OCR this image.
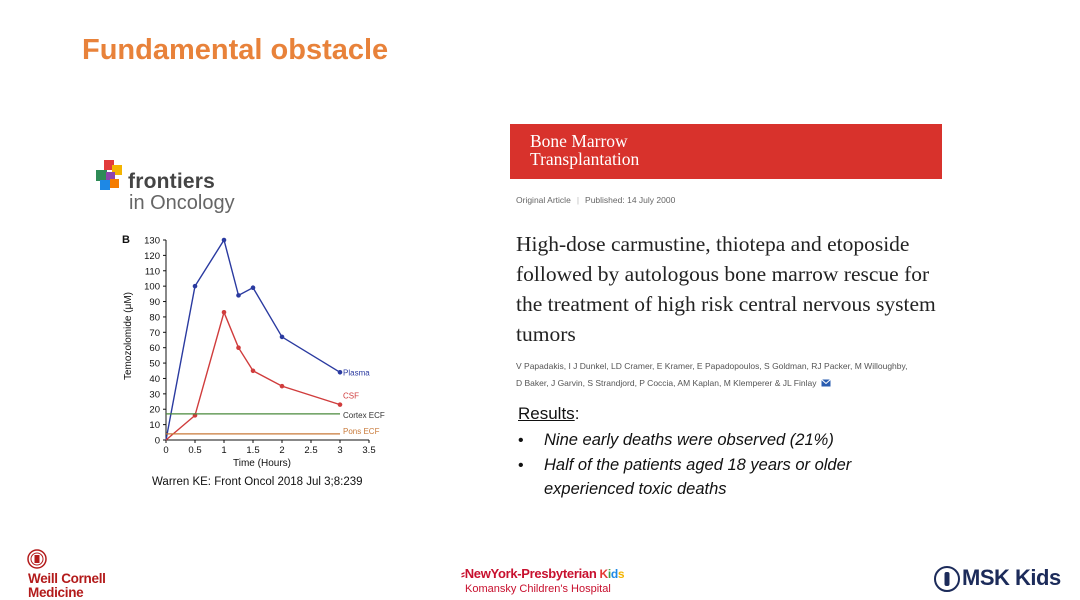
Fundamental obstacle
frontiers
in Oncology
B
Temozolomide (μM)
Time (Hours)
0
10
20
30
40
50
60
70
80
90
100
110
120
130
0 0.5 1 1.5 2 2.5 3 3.5
Plasma
CSF
Cortex ECF
Pons ECF
Warren KE: Front Oncol 2018 Jul 3;8:239
Bone Marrow
Transplantation
Original Article | Published: 14 July 2000
High-dose carmustine, thiotepa and etoposide followed by autologous bone marrow rescue for the treatment of high risk central nervous system tumors
V Papadakis, I J Dunkel, LD Cramer, E Kramer, E Papadopoulos, S Goldman, RJ Packer, M Willoughby,
D Baker, J Garvin, S Strandjord, P Coccia, AM Kaplan, M Klemperer & JL Finlay
Results:
• Nine early deaths were observed (21%)
• Half of the patients aged 18 years or older
experienced toxic deaths
Weill Cornell
Medicine
⸗NewYork-Presbyterian Kids
Komansky Children's Hospital	MSK Kids
